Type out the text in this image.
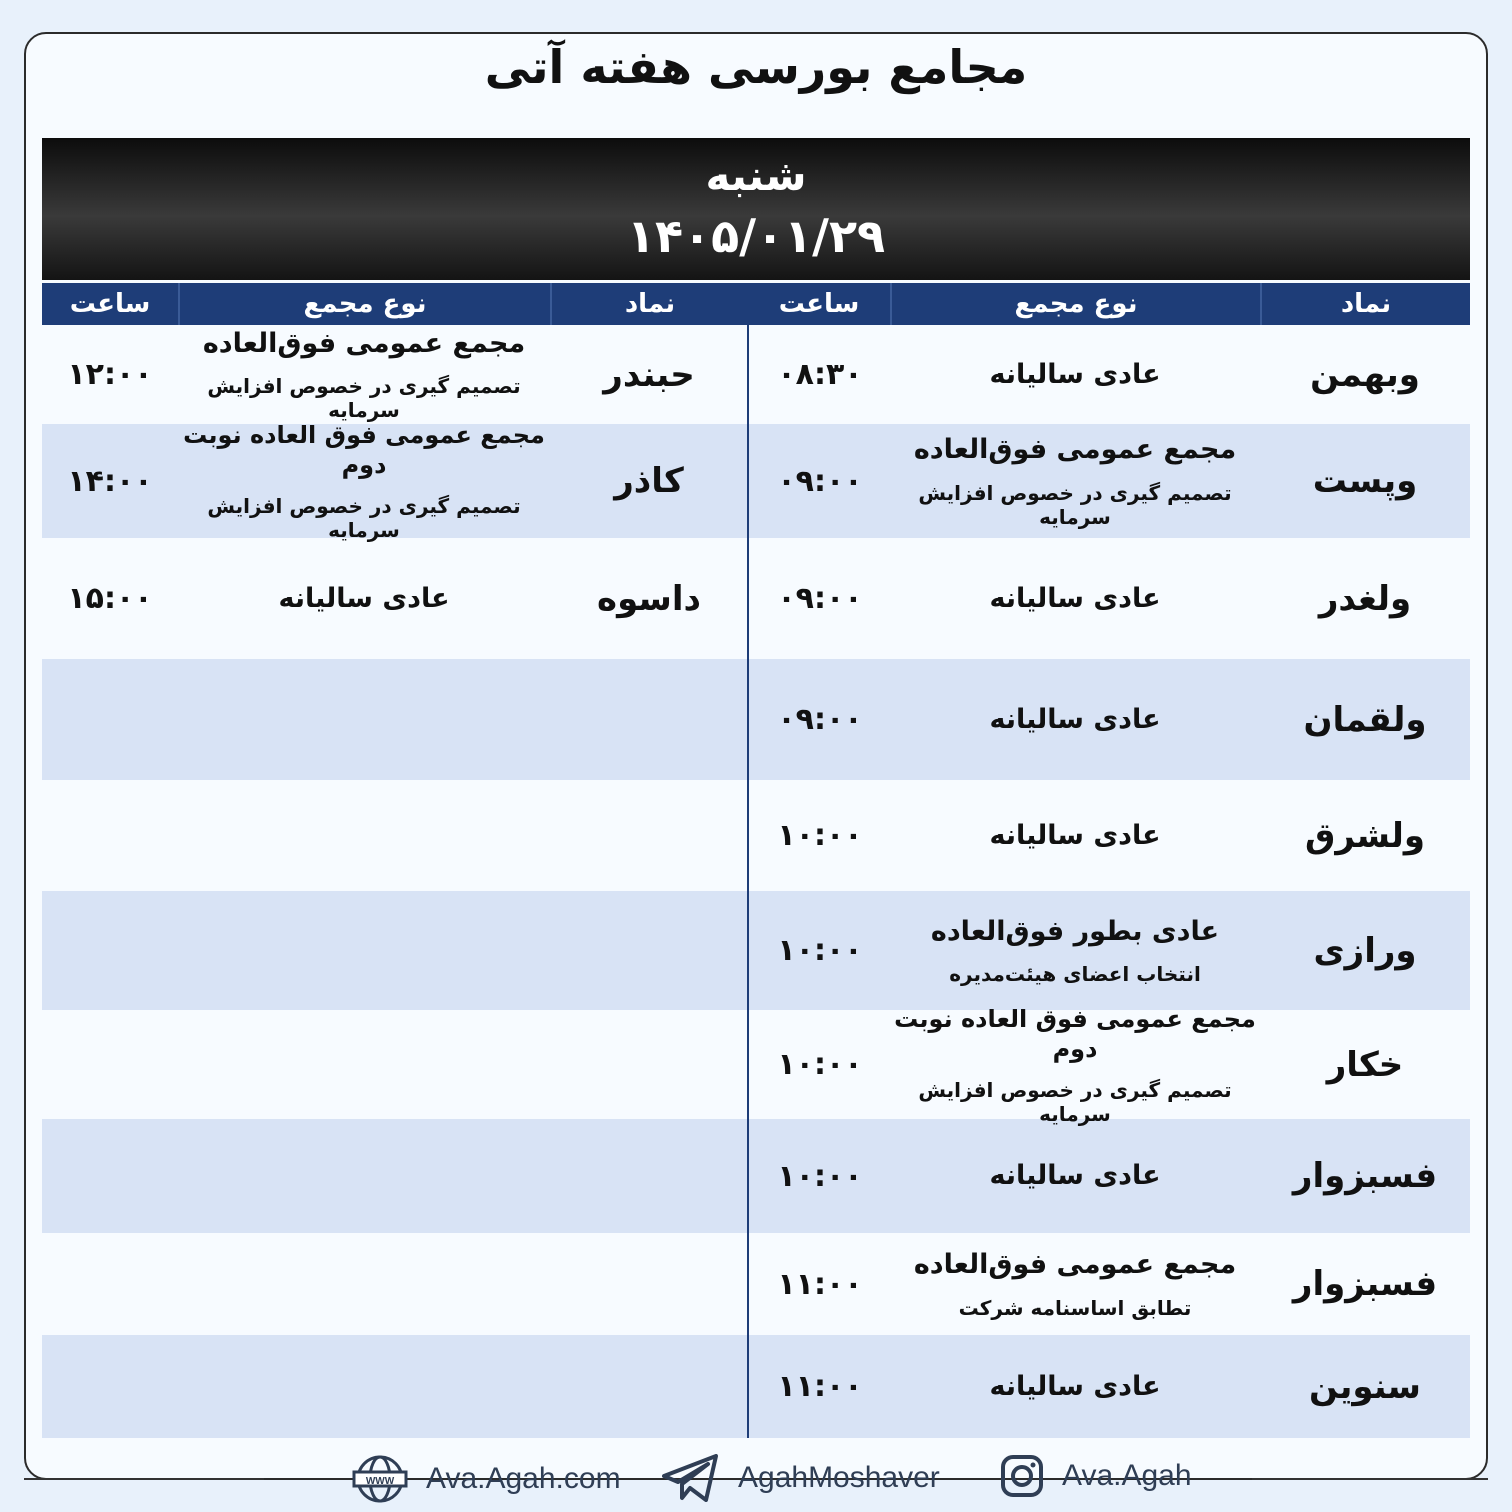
مجامع بورسی هفته آتی
شنبه
۱۴۰۵/۰۱/۲۹
نماد
نوع مجمع
ساعت
نماد
نوع مجمع
ساعت
WWW Ava.Agah.com	AgahMoshaver	Ava.Agah
وبهمن
عادی سالیانه
۰۸:۳۰
وپست
مجمع عمومی فوق‌العاده
تصمیم گیری در خصوص افزایش سرمایه
۰۹:۰۰
ولغدر
عادی سالیانه
۰۹:۰۰
ولقمان
عادی سالیانه
۰۹:۰۰
ولشرق
عادی سالیانه
۱۰:۰۰
ورازی
عادی بطور فوق‌العاده
انتخاب اعضای هیئت‌مدیره
۱۰:۰۰
خکار
مجمع عمومی فوق العاده نوبت دوم
تصمیم گیری در خصوص افزایش سرمایه
۱۰:۰۰
فسبزوار
عادی سالیانه
۱۰:۰۰
فسبزوار
مجمع عمومی فوق‌العاده
تطابق اساسنامه شرکت
۱۱:۰۰
سنوین
عادی سالیانه
۱۱:۰۰
حبندر
مجمع عمومی فوق‌العاده
تصمیم گیری در خصوص افزایش سرمایه
۱۲:۰۰
کاذر
مجمع عمومی فوق العاده نوبت دوم
تصمیم گیری در خصوص افزایش سرمایه
۱۴:۰۰
داسوه
عادی سالیانه
۱۵:۰۰
